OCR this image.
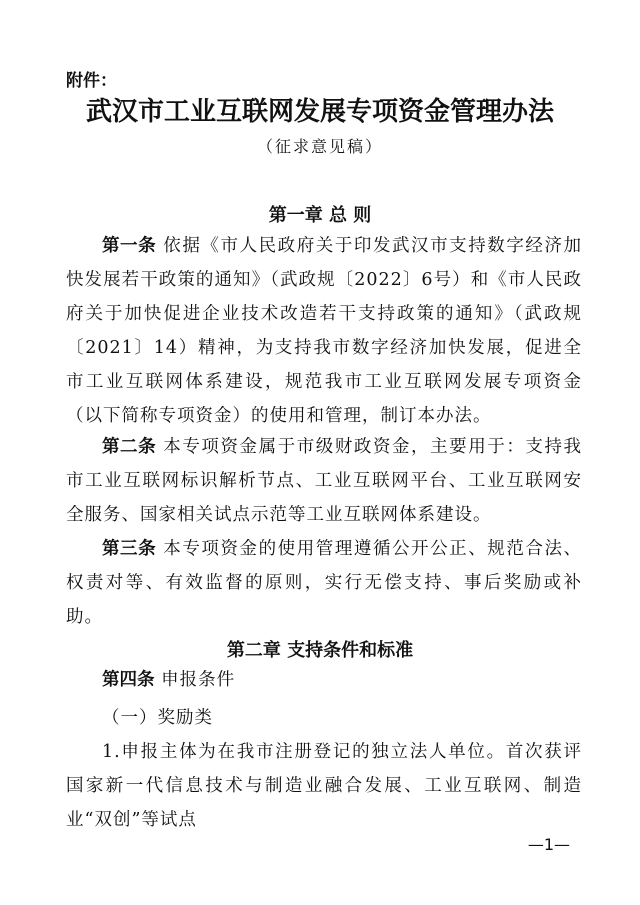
附件：
武汉市工业互联网发展专项资金管理办法
（征求意见稿）
第一章 总 则
第一条 依据《市人民政府关于印发武汉市支持数字经济加快发展若干政策的通知》（武政规〔2022〕6号）和《市人民政府关于加快促进企业技术改造若干支持政策的通知》（武政规〔2021〕14）精神，为支持我市数字经济加快发展，促进全市工业互联网体系建设，规范我市工业互联网发展专项资金（以下简称专项资金）的使用和管理，制订本办法。
第二条 本专项资金属于市级财政资金，主要用于：支持我市工业互联网标识解析节点、工业互联网平台、工业互联网安全服务、国家相关试点示范等工业互联网体系建设。
第三条 本专项资金的使用管理遵循公开公正、规范合法、权责对等、有效监督的原则，实行无偿支持、事后奖励或补助。
第二章 支持条件和标准
第四条 申报条件
（一）奖励类
1.申报主体为在我市注册登记的独立法人单位。首次获评国家新一代信息技术与制造业融合发展、工业互联网、制造业“双创”等试点
—1—
